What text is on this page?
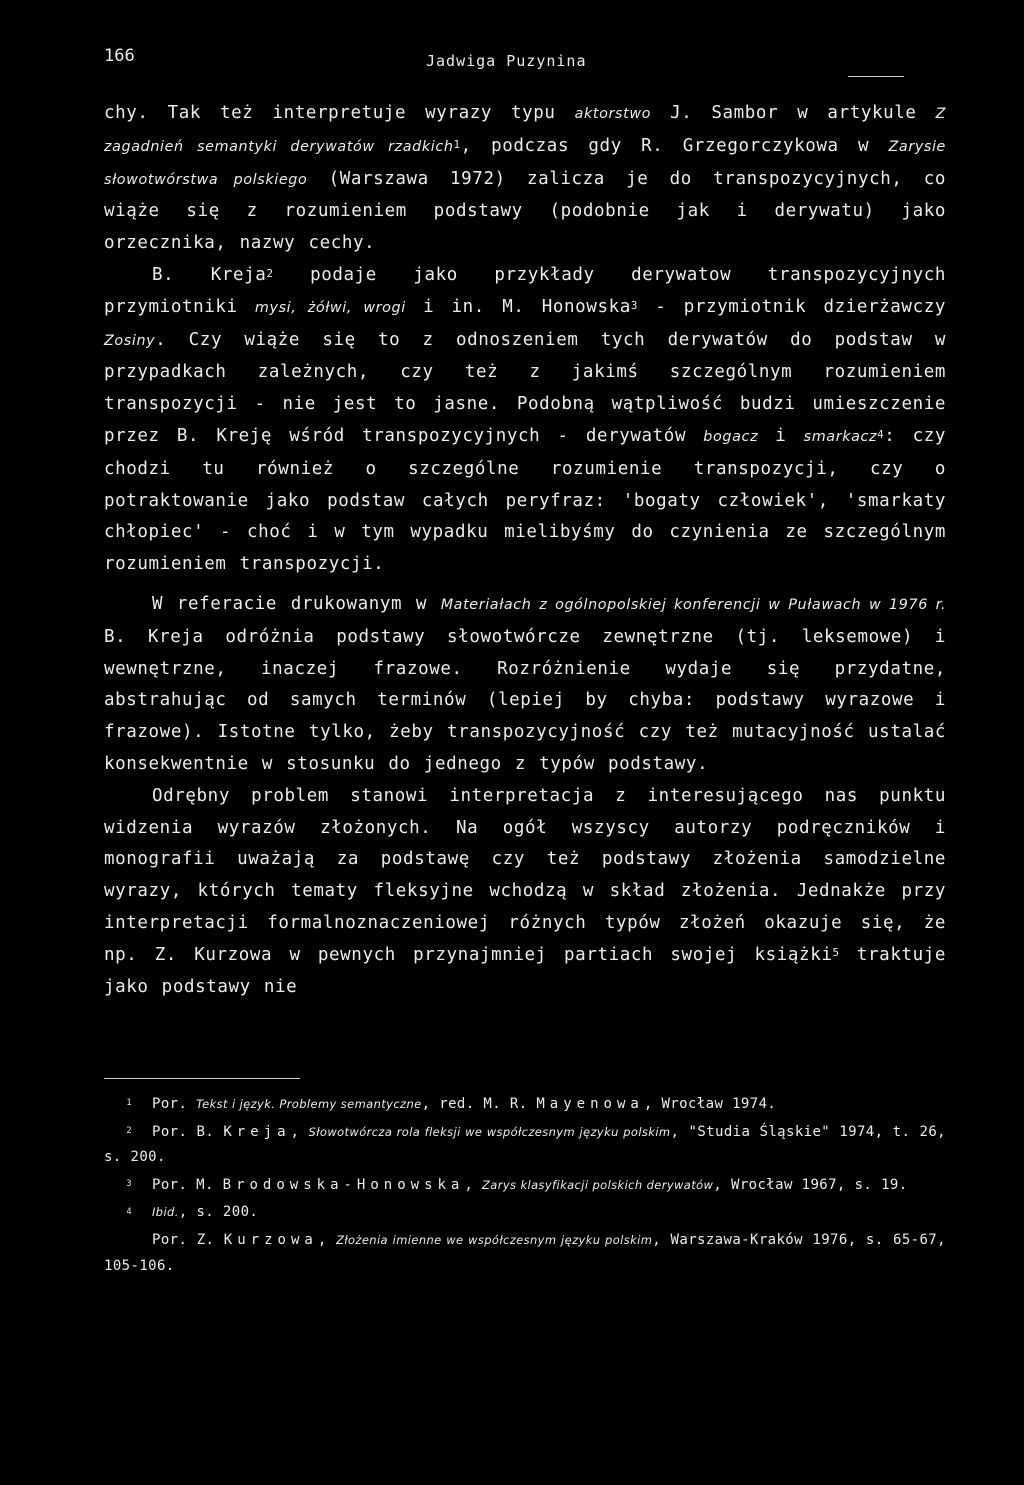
166	Jadwiga Puzynina

chy. Tak też interpretuje wyrazy typu aktorstwo J. Sambor w artykule Z zagadnień semantyki derywatów rzadkich$^1$, podczas gdy R. Grzegorczykowa w Zarysie słowotwórstwa polskiego (Warszawa 1972) zalicza je do transpozycyjnych, co wiąże się z rozumieniem podstawy (podobnie jak i derywatu) jako orzecznika, nazwy cechy.

B. Kreja$^2$ podaje jako przykłady derywatow transpozycyjnych przymiotniki mysi, żółwi, wrogi i in. M. Honowska$^3$ - przymiotnik dzierżawczy Zosiny. Czy wiąże się to z odnoszeniem tych derywatów do podstaw w przypadkach zależnych, czy też z jakimś szczególnym rozumieniem transpozycji - nie jest to jasne. Podobną wątpliwość budzi umieszczenie przez B. Kreję wśród transpozycyjnych - derywatów bogacz i smarkacz$^4$: czy chodzi tu również o szczególne rozumienie transpozycji, czy o potraktowanie jako podstaw całych peryfraz: 'bogaty człowiek', 'smarkaty chłopiec' - choć i w tym wypadku mielibyśmy do czynienia ze szczególnym rozumieniem transpozycji.

W referacie drukowanym w Materiałach z ogólnopolskiej konferencji w Puławach w 1976 r. B. Kreja odróżnia podstawy słowotwórcze zewnętrzne (tj. leksemowe) i wewnętrzne, inaczej frazowe. Rozróżnienie wydaje się przydatne, abstrahując od samych terminów (lepiej by chyba: podstawy wyrazowe i frazowe). Istotne tylko, żeby transpozycyjność czy też mutacyjność ustalać konsekwentnie w stosunku do jednego z typów podstawy.

Odrębny problem stanowi interpretacja z interesującego nas punktu widzenia wyrazów złożonych. Na ogół wszyscy autorzy podręczników i monografii uważają za podstawę czy też podstawy złożenia samodzielne wyrazy, których tematy fleksyjne wchodzą w skład złożenia. Jednakże przy interpretacji formalnoznaczeniowej różnych typów złożeń okazuje się, że np. Z. Kurzowa w pewnych przynajmniej partiach swojej książki$^5$ traktuje jako podstawy nie

$^1$ Por. Tekst i język. Problemy semantyczne, red. M. R. Mayenowa, Wrocław 1974.
$^2$ Por. B. Kreja, Słowotwórcza rola fleksji we współczesnym języku polskim, "Studia Śląskie" 1974, t. 26, s. 200.
$^3$ Por. M. Brodowska-Honowska, Zarys klasyfikacji polskich derywatów, Wrocław 1967, s. 19.
$^4$ Ibid., s. 200.
Por. Z. Kurzowa, Złożenia imienne we współczesnym języku polskim, Warszawa-Kraków 1976, s. 65-67, 105-106.
